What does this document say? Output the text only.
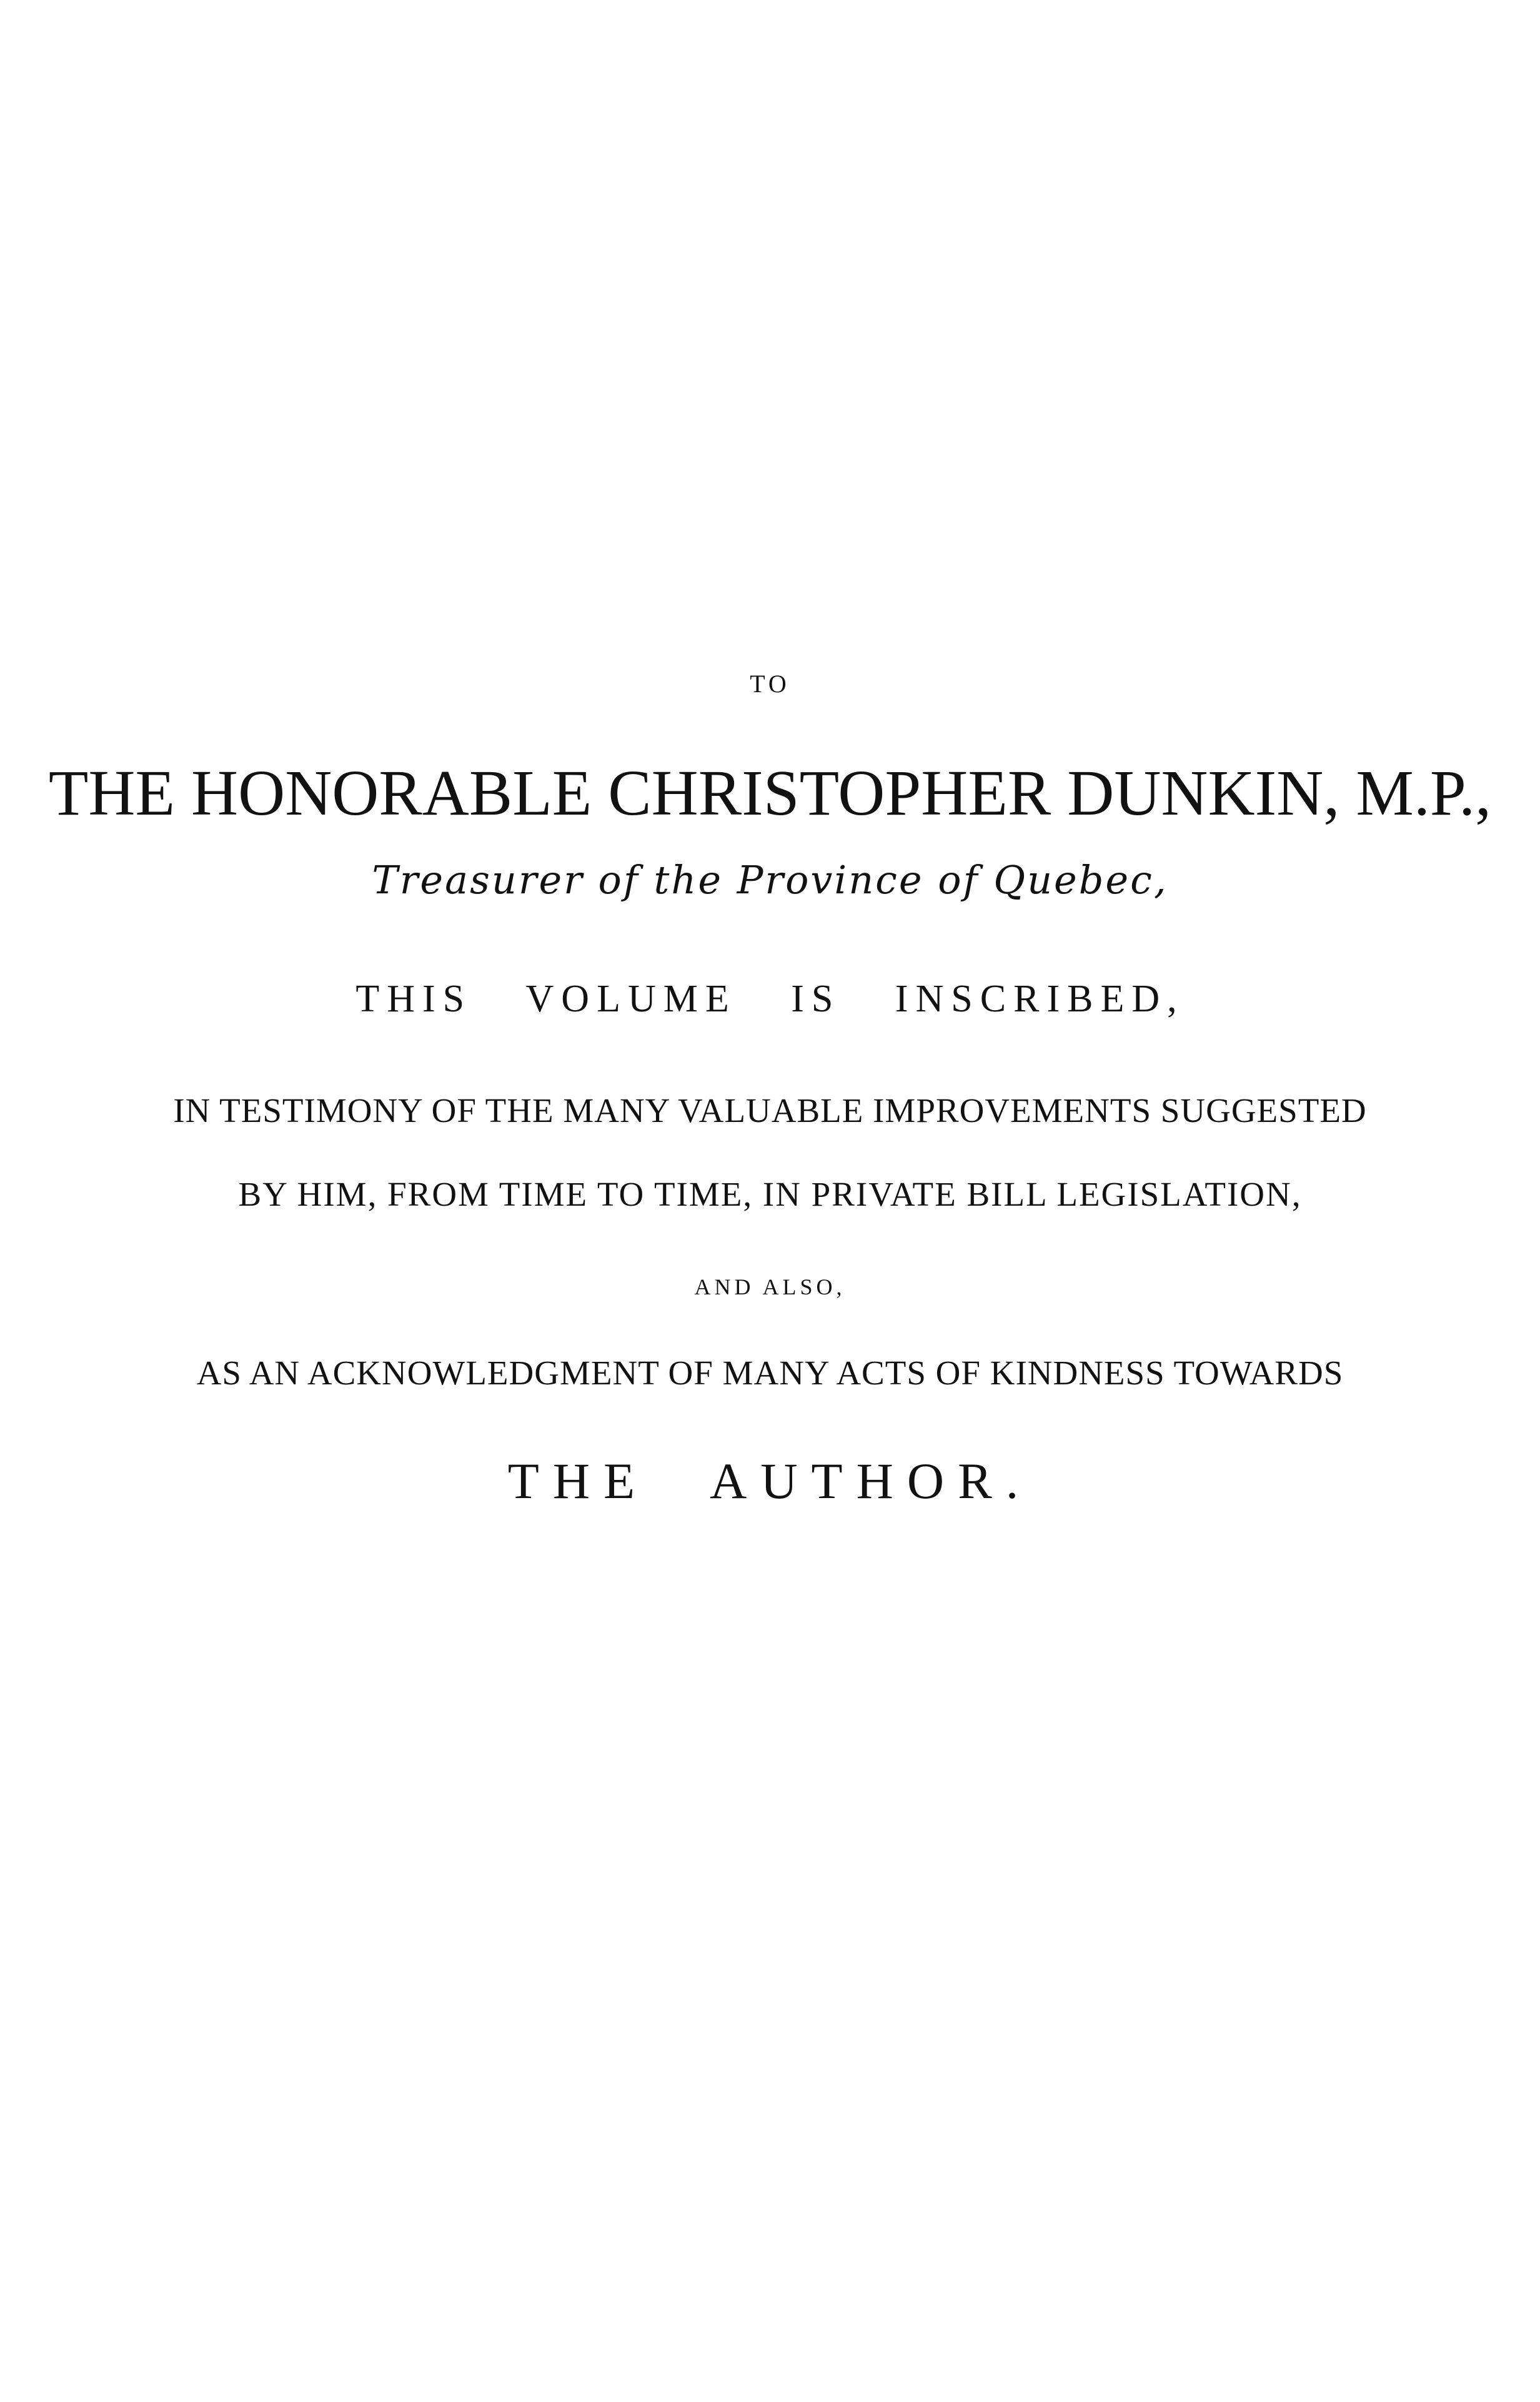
TO
THE HONORABLE CHRISTOPHER DUNKIN, M.P.,
Treasurer of the Province of Quebec,
THIS VOLUME IS INSCRIBED,
IN TESTIMONY OF THE MANY VALUABLE IMPROVEMENTS SUGGESTED
BY HIM, FROM TIME TO TIME, IN PRIVATE BILL LEGISLATION,
AND ALSO,
AS AN ACKNOWLEDGMENT OF MANY ACTS OF KINDNESS TOWARDS
THE AUTHOR.
